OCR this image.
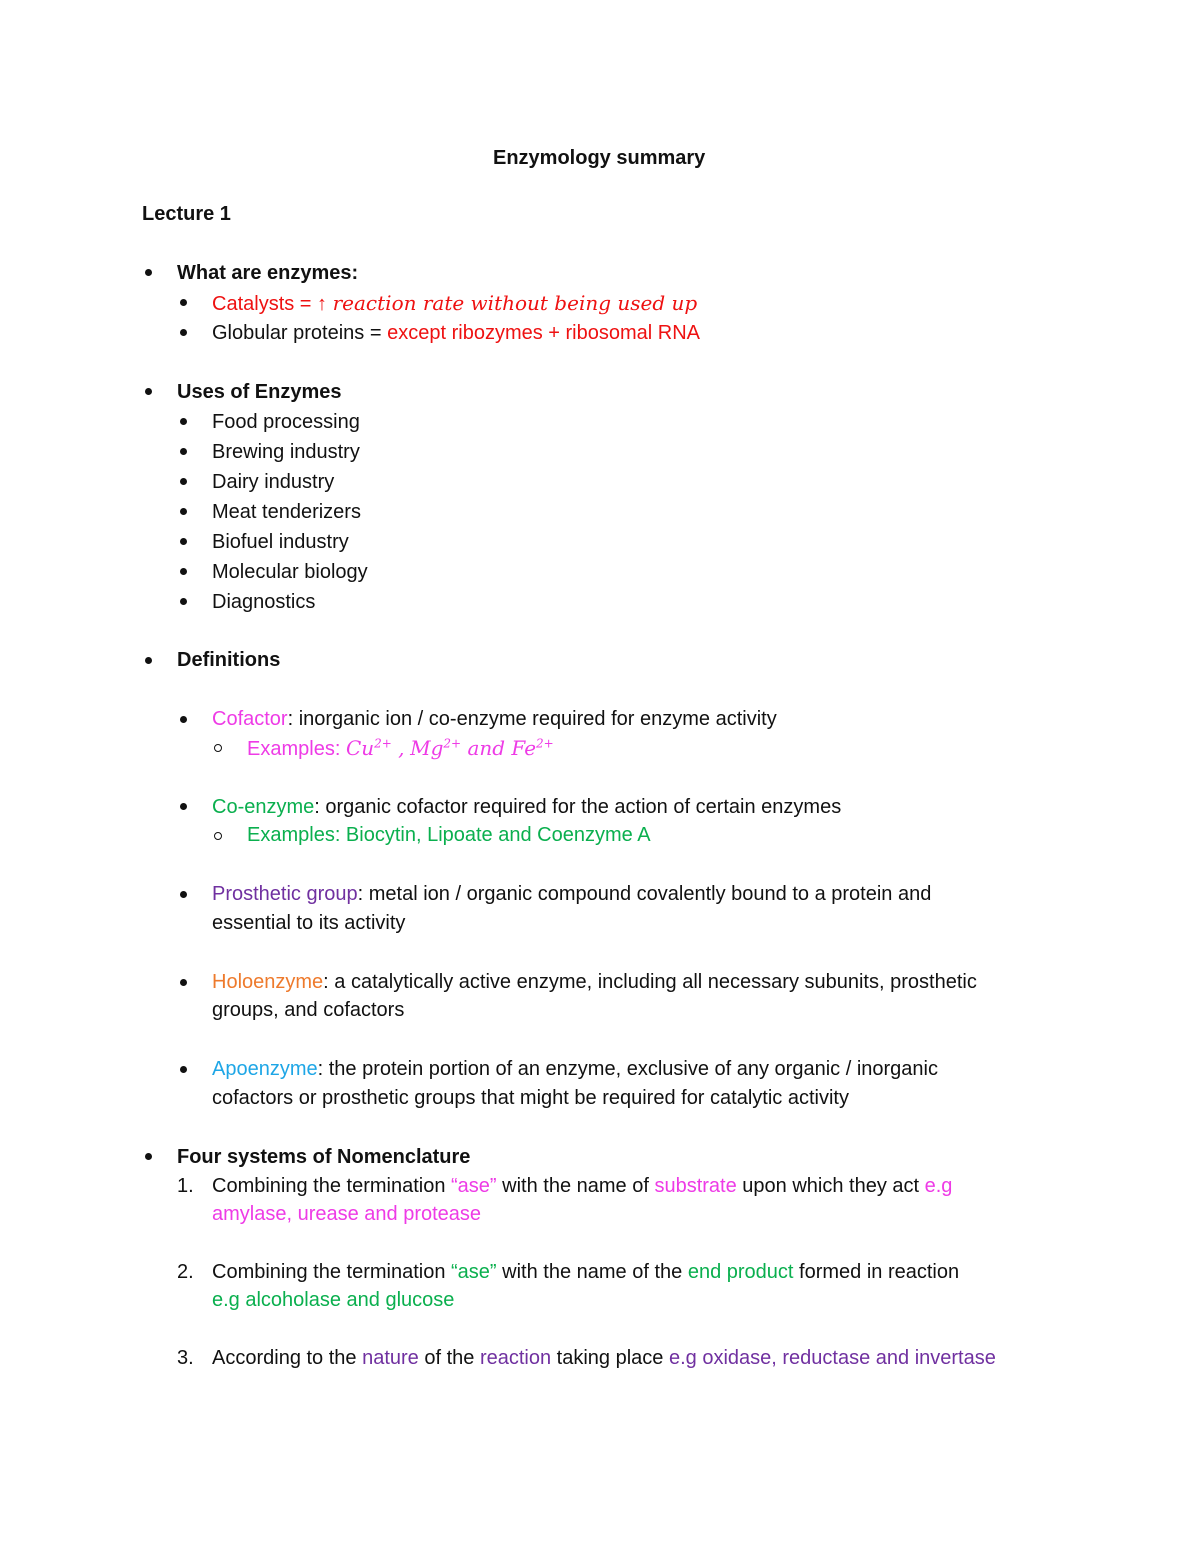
Enzymology summary
Lecture 1
What are enzymes:
Catalysts = ↑ reaction rate without being used up
Globular proteins = except ribozymes + ribosomal RNA
Uses of Enzymes
Food processing
Brewing industry
Dairy industry
Meat tenderizers
Biofuel industry
Molecular biology
Diagnostics
Definitions
Cofactor: inorganic ion / co-enzyme required for enzyme activity
Examples: $Cu^{2+}$ , $Mg^{2+}$ and $Fe^{2+}$
Co-enzyme: organic cofactor required for the action of certain enzymes
Examples: Biocytin, Lipoate and Coenzyme A
Prosthetic group: metal ion / organic compound covalently bound to a protein and
essential to its activity
Holoenzyme: a catalytically active enzyme, including all necessary subunits, prosthetic
groups, and cofactors
Apoenzyme: the protein portion of an enzyme, exclusive of any organic / inorganic
cofactors or prosthetic groups that might be required for catalytic activity
Four systems of Nomenclature
1. Combining the termination “ase” with the name of substrate upon which they act e.g
amylase, urease and protease
2. Combining the termination “ase” with the name of the end product formed in reaction
e.g alcoholase and glucose
3. According to the nature of the reaction taking place e.g oxidase, reductase and invertase
